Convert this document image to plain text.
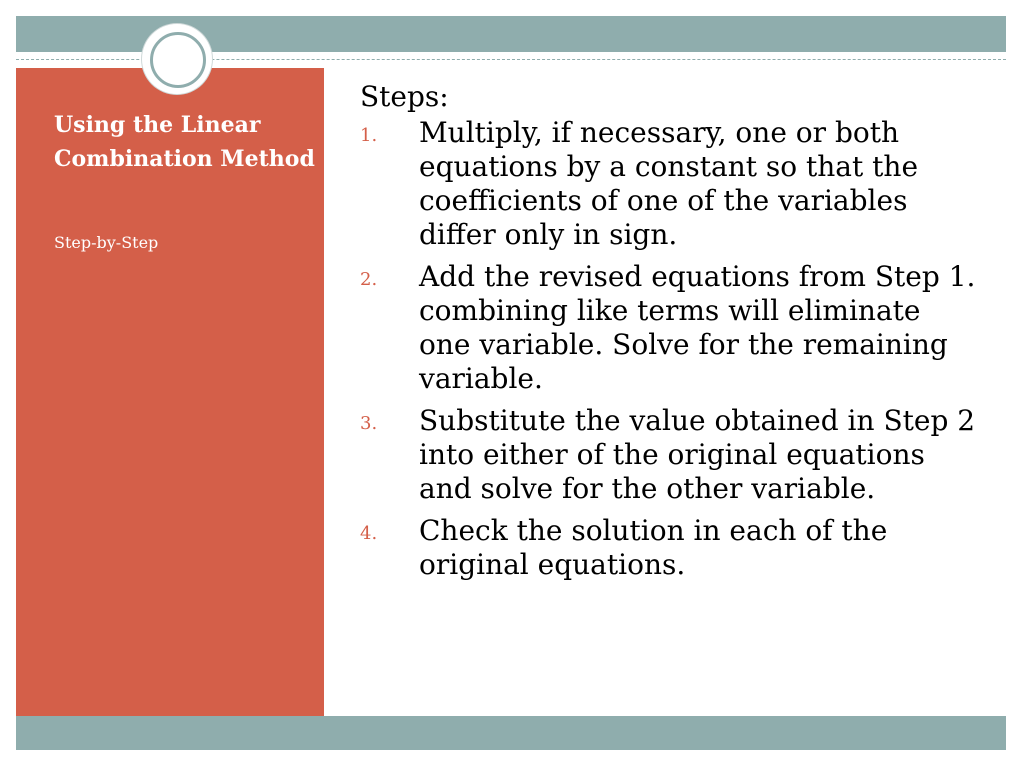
Using the Linear Combination Method
Step-by-Step
Steps:
1. Multiply, if necessary, one or both equations by a constant so that the coefficients of one of the variables differ only in sign.
2. Add the revised equations from Step 1. combining like terms will eliminate one variable. Solve for the remaining variable.
3. Substitute the value obtained in Step 2 into either of the original equations and solve for the other variable.
4. Check the solution in each of the original equations.
